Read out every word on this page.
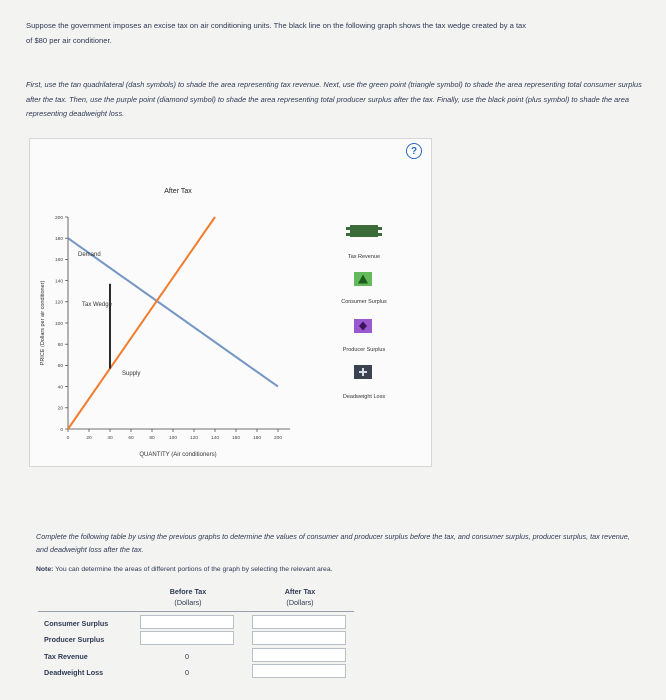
Suppose the government imposes an excise tax on air conditioning units. The black line on the following graph shows the tax wedge created by a tax
of $80 per air conditioner.
First, use the tan quadrilateral (dash symbols) to shade the area representing tax revenue. Next, use the green point (triangle symbol) to shade the area representing total consumer surplus after the tax. Then, use the purple point (diamond symbol) to shade the area representing total producer surplus after the tax. Finally, use the black point (plus symbol) to shade the area representing deadweight loss.
200
180
160
140
120
100
80
60
40
20
0
0	20	40	60	80	100	120	140	160	180	200
After Tax
Demand
Supply
Tax Wedge
QUANTITY (Air conditioners)
PRICE (Dollars per air conditioner)
Tax Revenue
Consumer Surplus
Producer Surplus
Deadweight Loss
?
Complete the following table by using the previous graphs to determine the values of consumer and producer surplus before the tax, and consumer surplus, producer surplus, tax revenue, and deadweight loss after the tax.
Note: You can determine the areas of different portions of the graph by selecting the relevant area.
Before Tax
(Dollars)
After Tax
(Dollars)
Consumer Surplus
Producer Surplus
Tax Revenue	0
Deadweight Loss	0
